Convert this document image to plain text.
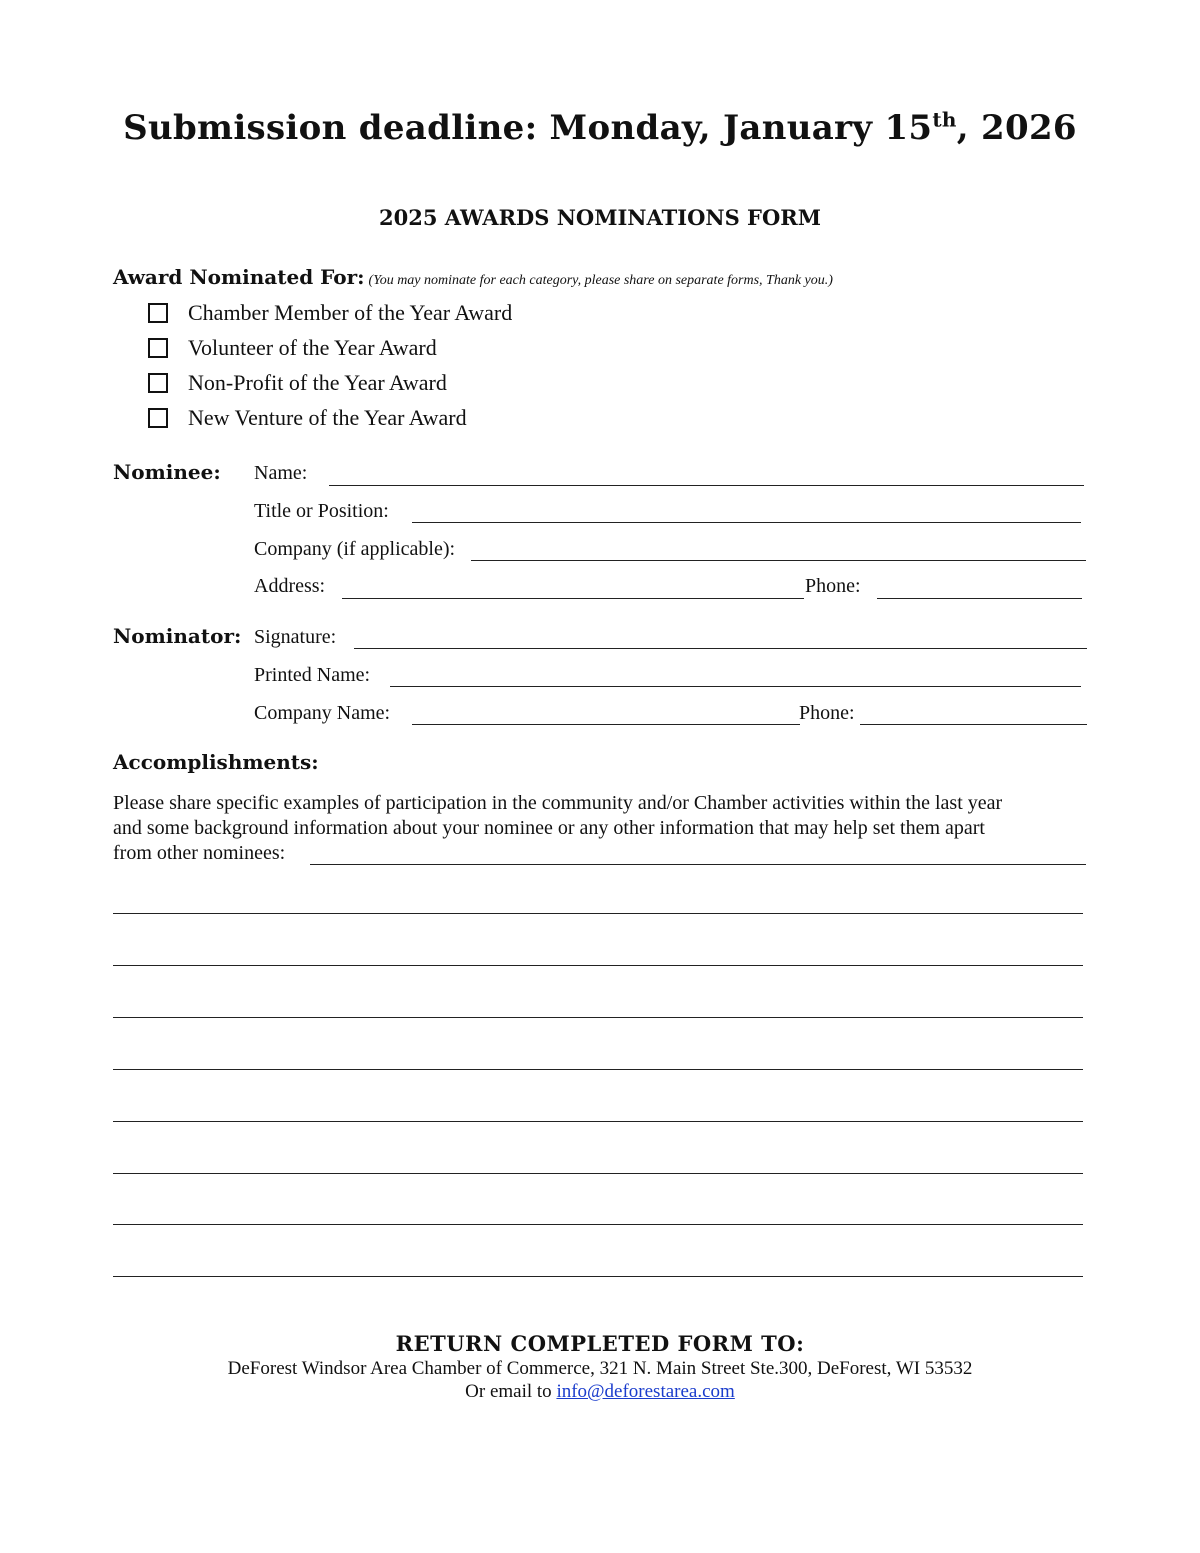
Submission deadline: Monday, January 15th, 2026
2025 AWARDS NOMINATIONS FORM
Award Nominated For: (You may nominate for each category, please share on separate forms, Thank you.)
Chamber Member of the Year Award
Volunteer of the Year Award
Non-Profit of the Year Award
New Venture of the Year Award
Nominee: Name:
Title or Position:
Company (if applicable):
Address:	Phone:
Nominator: Signature:
Printed Name:
Company Name:	Phone:
Accomplishments:
Please share specific examples of participation in the community and/or Chamber activities within the last year
and some background information about your nominee or any other information that may help set them apart
from other nominees:
RETURN COMPLETED FORM TO:
DeForest Windsor Area Chamber of Commerce, 321 N. Main Street Ste.300, DeForest, WI 53532
Or email to info@deforestarea.com
